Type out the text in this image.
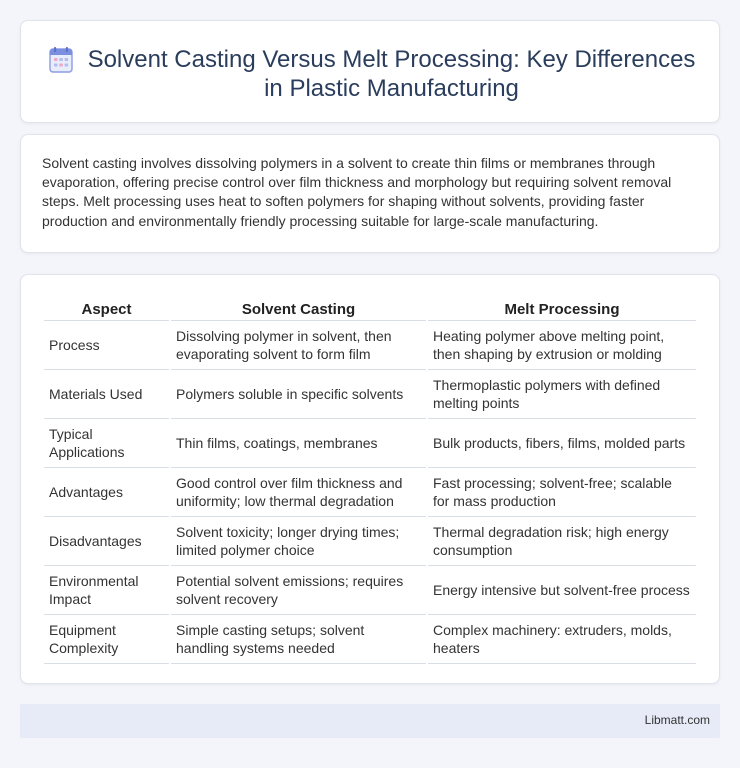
Solvent Casting Versus Melt Processing: Key Differences in Plastic Manufacturing

Solvent casting involves dissolving polymers in a solvent to create thin films or membranes through evaporation, offering precise control over film thickness and morphology but requiring solvent removal steps. Melt processing uses heat to soften polymers for shaping without solvents, providing faster production and environmentally friendly processing suitable for large-scale manufacturing.

Aspect	Solvent Casting	Melt Processing
Process	Dissolving polymer in solvent, then evaporating solvent to form film	Heating polymer above melting point, then shaping by extrusion or molding
Materials Used	Polymers soluble in specific solvents	Thermoplastic polymers with defined melting points
Typical Applications	Thin films, coatings, membranes	Bulk products, fibers, films, molded parts
Advantages	Good control over film thickness and uniformity; low thermal degradation	Fast processing; solvent-free; scalable for mass production
Disadvantages	Solvent toxicity; longer drying times; limited polymer choice	Thermal degradation risk; high energy consumption
Environmental Impact	Potential solvent emissions; requires solvent recovery	Energy intensive but solvent-free process
Equipment Complexity	Simple casting setups; solvent handling systems needed	Complex machinery: extruders, molds, heaters
Libmatt.com
